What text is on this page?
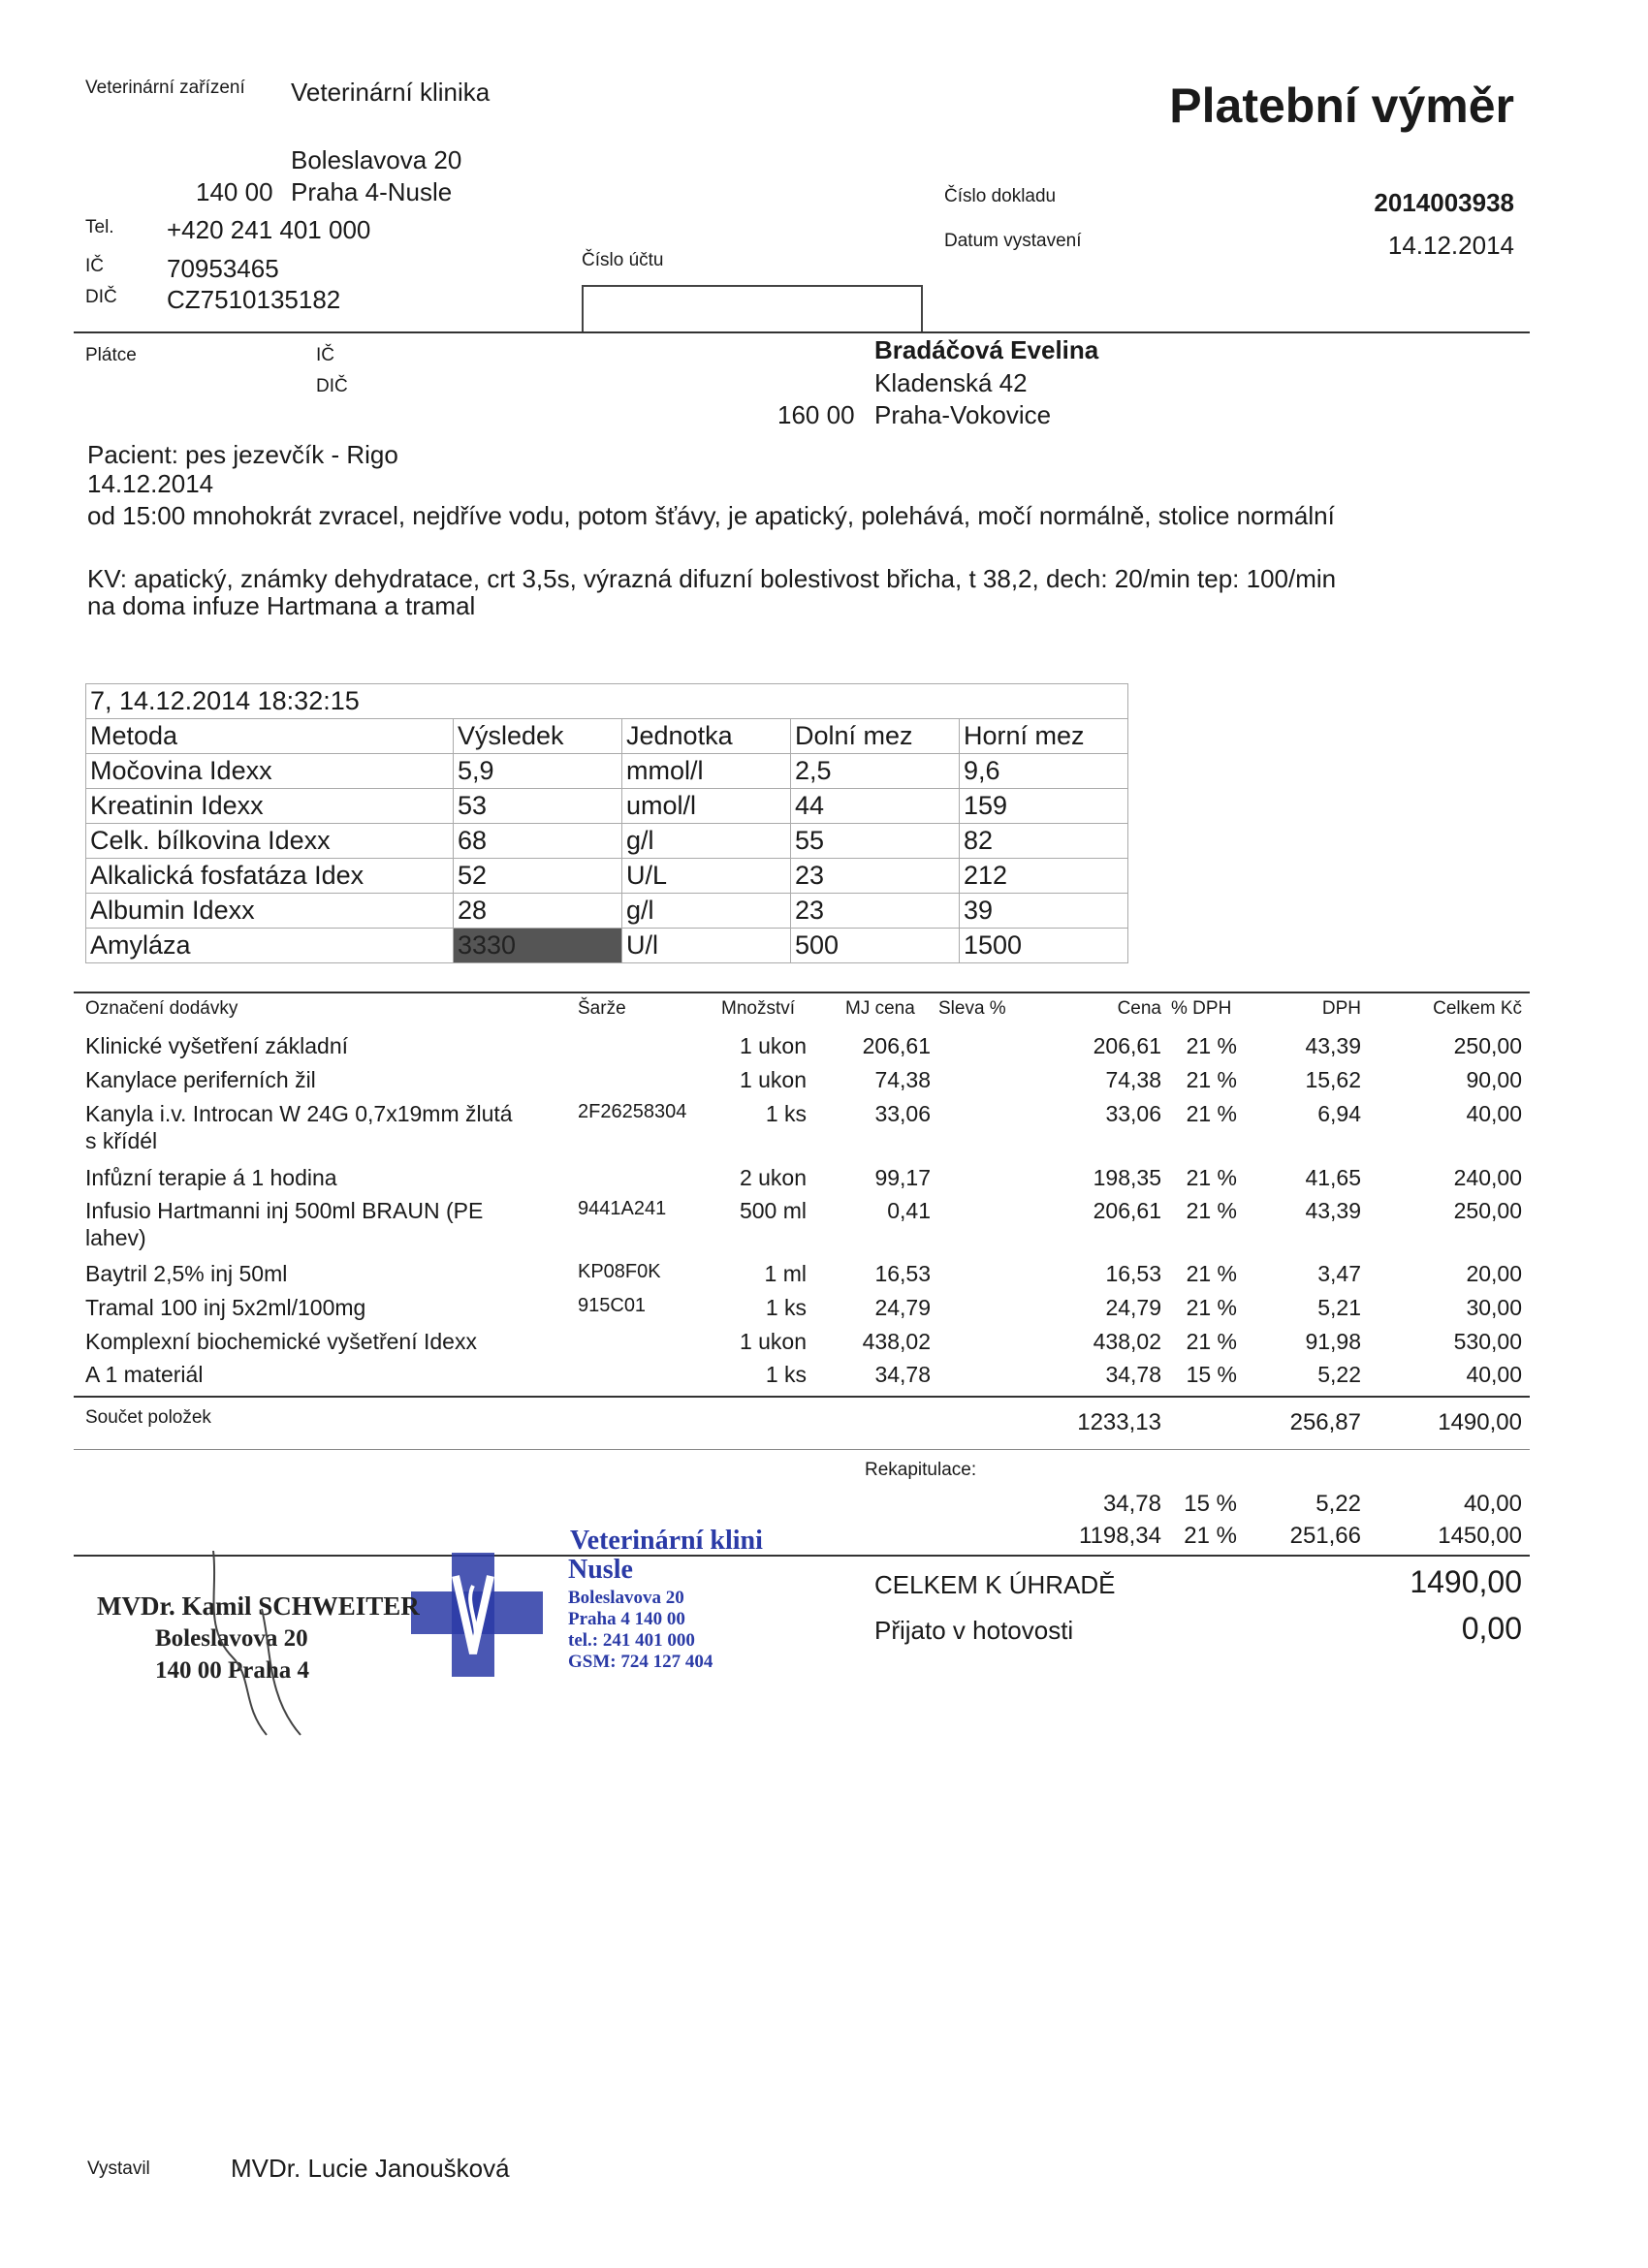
Veterinární zařízení Veterinární klinika	Platební výměr
Boleslavova 20
140 00 Praha 4-Nusle
Tel. +420 241 401 000
IČ	70953465
DIČ CZ7510135182
Číslo účtu
Číslo dokladu	2014003938
Datum vystavení	14.12.2014
Plátce	IČ
DIČ
Bradáčová Evelina
Kladenská 42
160 00 Praha-Vokovice
Pacient: pes jezevčík - Rigo
14.12.2014
od 15:00 mnohokrát zvracel, nejdříve vodu, potom šťávy, je apatický, polehává, močí normálně, stolice normální
KV: apatický, známky dehydratace, crt 3,5s, výrazná difuzní bolestivost břicha, t 38,2, dech: 20/min tep: 100/min
na doma infuze Hartmana a tramal
7, 14.12.2014 18:32:15				
Metoda	Výsledek	Jednotka	Dolní mez	Horní mez
Močovina Idexx	5,9	mmol/l	2,5	9,6
Kreatinin Idexx	53	umol/l	44	159
Celk. bílkovina Idexx	68	g/l	55	82
Alkalická fosfatáza Idex	52	U/L	23	212
Albumin Idexx	28	g/l	23	39
Amyláza	3330	U/l	500	1500
Označení dodávky	Šarže	Množství	MJ cena Sleva %	Cena % DPH	DPH	Celkem Kč
Klinické vyšetření základní	1 ukon	206,61	206,61 21 %	43,39	250,00
Kanylace periferních žil	1 ukon	74,38	74,38 21 %	15,62	90,00
Kanyla i.v. Introcan W 24G 0,7x19mm žlutá
s křídél
2F26258304	1 ks	33,06	33,06 21 %	6,94	40,00
Infůzní terapie á 1 hodina	2 ukon	99,17	198,35 21 %	41,65	240,00
Infusio Hartmanni inj 500ml BRAUN (PE
lahev)
9441A241	500 ml	0,41	206,61 21 %	43,39	250,00
Baytril 2,5% inj 50ml	KP08F0K	1 ml	16,53	16,53 21 %	3,47	20,00
Tramal 100 inj 5x2ml/100mg	915C01	1 ks	24,79	24,79 21 %	5,21	30,00
Komplexní biochemické vyšetření Idexx	1 ukon	438,02	438,02 21 %	91,98	530,00
A 1 materiál	1 ks	34,78	34,78 15 %	5,22	40,00
Součet položek	1233,13	256,87	1490,00
Rekapitulace:
34,78 15 %	5,22	40,00
1198,34 21 % 251,66	1450,00
CELKEM K ÚHRADĚ	1490,00
Přijato v hotovosti	0,00
Veterinární klini
Nusle
Boleslavova 20
Praha 4 140 00
tel.: 241 401 000
GSM: 724 127 404
MVDr. Kamil SCHWEITER
Boleslavova 20
140 00 Praha 4
Vystavil	MVDr. Lucie Janoušková
